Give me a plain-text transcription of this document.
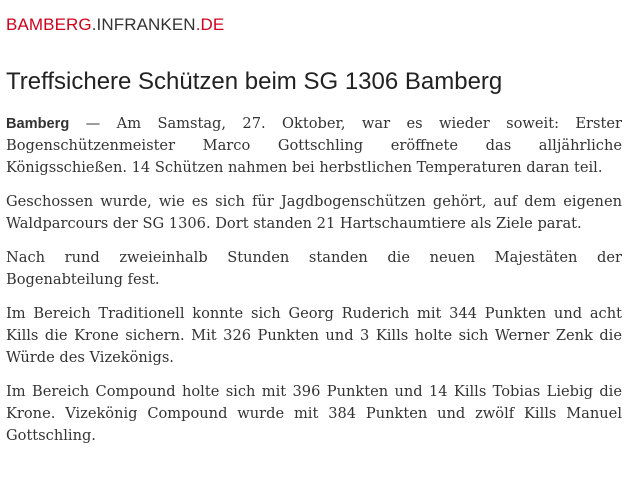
BAMBERG.INFRANKEN.DE
Treffsichere Schützen beim SG 1306 Bamberg

Bamberg — Am Samstag, 27. Oktober, war es wieder soweit: Erster Bogenschützenmeister Marco Gottschling eröffnete das alljährliche Königsschießen. 14 Schützen nahmen bei herbstlichen Temperaturen daran teil.

Geschossen wurde, wie es sich für Jagdbogenschützen gehört, auf dem eigenen Waldparcours der SG 1306. Dort standen 21 Hartschaumtiere als Ziele parat.

Nach rund zweieinhalb Stunden standen die neuen Majestäten der Bogenabteilung fest.

Im Bereich Traditionell konnte sich Georg Ruderich mit 344 Punkten und acht Kills die Krone sichern. Mit 326 Punkten und 3 Kills holte sich Werner Zenk die Würde des Vizekönigs.

Im Bereich Compound holte sich mit 396 Punkten und 14 Kills Tobias Liebig die Krone. Vizekönig Compound wurde mit 384 Punkten und zwölf Kills Manuel Gottschling.
